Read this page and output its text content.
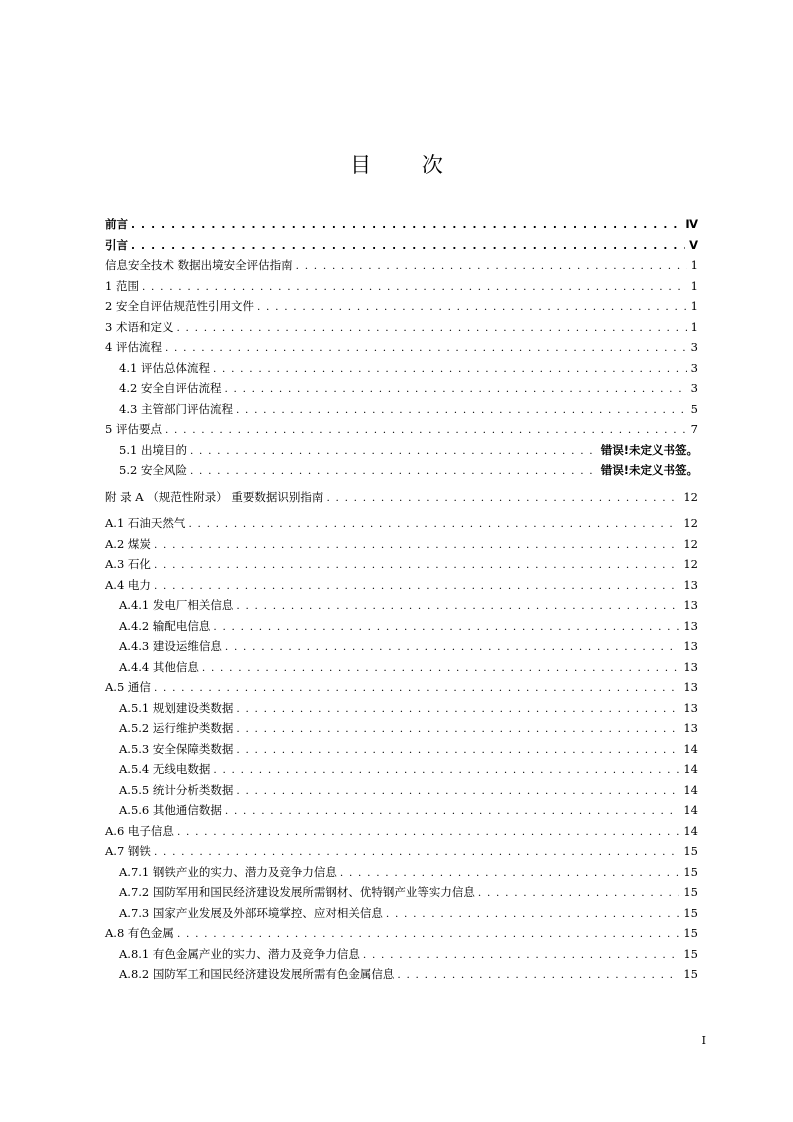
目 次
前言 . . .	Ⅳ
引言 . . .	Ⅴ
信息安全技术 数据出境安全评估指南 . . .	1
1 范围 . . .	1
2 安全自评估规范性引用文件 . . .	1
3 术语和定义 . . .	1
4 评估流程 . . .	3
4.1 评估总体流程 . . .	3
4.2 安全自评估流程 . . .	3
4.3 主管部门评估流程 . . .	5
5 评估要点 . . .	7
5.1 出境目的 . . .	错误!未定义书签。
5.2 安全风险 . . .	错误!未定义书签。
附 录 A （规范性附录） 重要数据识别指南 . . .	12
A.1 石油天然气 . . .	12
A.2 煤炭 . . .	12
A.3 石化 . . .	12
A.4 电力 . . .	13
A.4.1 发电厂相关信息 . . .	13
A.4.2 输配电信息 . . .	13
A.4.3 建设运维信息 . . .	13
A.4.4 其他信息 . . .	13
A.5 通信 . . .	13
A.5.1 规划建设类数据 . . .	13
A.5.2 运行维护类数据 . . .	13
A.5.3 安全保障类数据 . . .	14
A.5.4 无线电数据 . . .	14
A.5.5 统计分析类数据 . . .	14
A.5.6 其他通信数据 . . .	14
A.6 电子信息 . . .	14
A.7 钢铁 . . .	15
A.7.1 钢铁产业的实力、潜力及竞争力信息 . . .	15
A.7.2 国防军用和国民经济建设发展所需钢材、优特钢产业等实力信息 . . .	15
A.7.3 国家产业发展及外部环境掌控、应对相关信息 . . .	15
A.8 有色金属 . . .	15
A.8.1 有色金属产业的实力、潜力及竞争力信息 . . .	15
A.8.2 国防军工和国民经济建设发展所需有色金属信息 . . .	15
I
